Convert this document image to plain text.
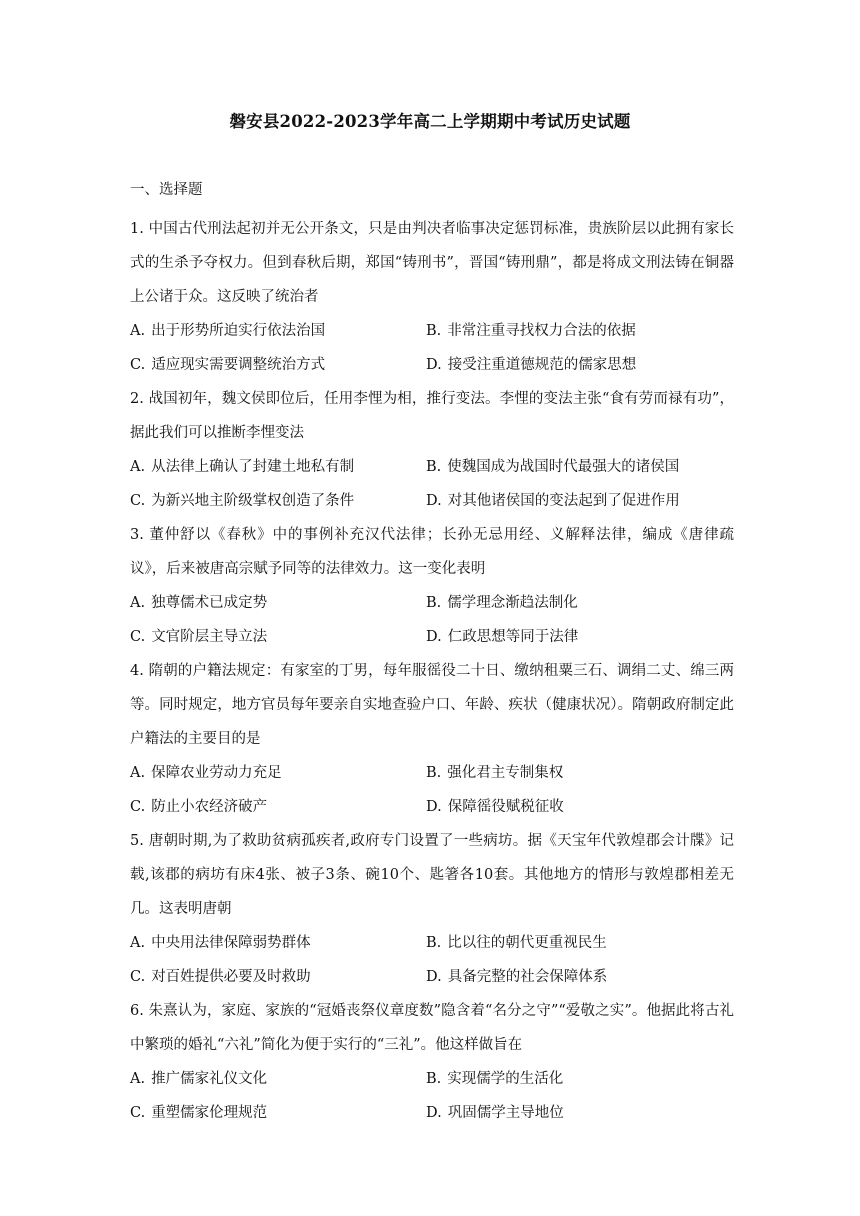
磐安县2022-2023学年高二上学期期中考试历史试题
一、选择题

1. 中国古代刑法起初并无公开条文，只是由判决者临事决定惩罚标准，贵族阶层以此拥有家长式的生杀予夺权力。但到春秋后期，郑国“铸刑书”，晋国“铸刑鼎”，都是将成文刑法铸在铜器上公诸于众。这反映了统治者

A. 出于形势所迫实行依法治国	B. 非常注重寻找权力合法的依据
C. 适应现实需要调整统治方式	D. 接受注重道德规范的儒家思想

2. 战国初年，魏文侯即位后，任用李悝为相，推行变法。李悝的变法主张“食有劳而禄有功”，据此我们可以推断李悝变法

A. 从法律上确认了封建土地私有制	B. 使魏国成为战国时代最强大的诸侯国
C. 为新兴地主阶级掌权创造了条件	D. 对其他诸侯国的变法起到了促进作用

3. 董仲舒以《春秋》中的事例补充汉代法律；长孙无忌用经、义解释法律，编成《唐律疏议》，后来被唐高宗赋予同等的法律效力。这一变化表明

A. 独尊儒术已成定势	B. 儒学理念渐趋法制化
C. 文官阶层主导立法	D. 仁政思想等同于法律

4. 隋朝的户籍法规定：有家室的丁男，每年服徭役二十日、缴纳租粟三石、调绢二丈、绵三两等。同时规定，地方官员每年要亲自实地查验户口、年龄、疾状（健康状况）。隋朝政府制定此户籍法的主要目的是

A. 保障农业劳动力充足	B. 强化君主专制集权
C. 防止小农经济破产	D. 保障徭役赋税征收

5. 唐朝时期,为了救助贫病孤疾者,政府专门设置了一些病坊。据《天宝年代敦煌郡会计牒》记载,该郡的病坊有床4张、被子3条、碗10个、匙箸各10套。其他地方的情形与敦煌郡相差无几。这表明唐朝

A. 中央用法律保障弱势群体	B. 比以往的朝代更重视民生
C. 对百姓提供必要及时救助	D. 具备完整的社会保障体系

6. 朱熹认为，家庭、家族的“冠婚丧祭仪章度数”隐含着“名分之守”“爱敬之实”。他据此将古礼中繁琐的婚礼“六礼”简化为便于实行的“三礼”。他这样做旨在

A. 推广儒家礼仪文化	B. 实现儒学的生活化
C. 重塑儒家伦理规范	D. 巩固儒学主导地位
